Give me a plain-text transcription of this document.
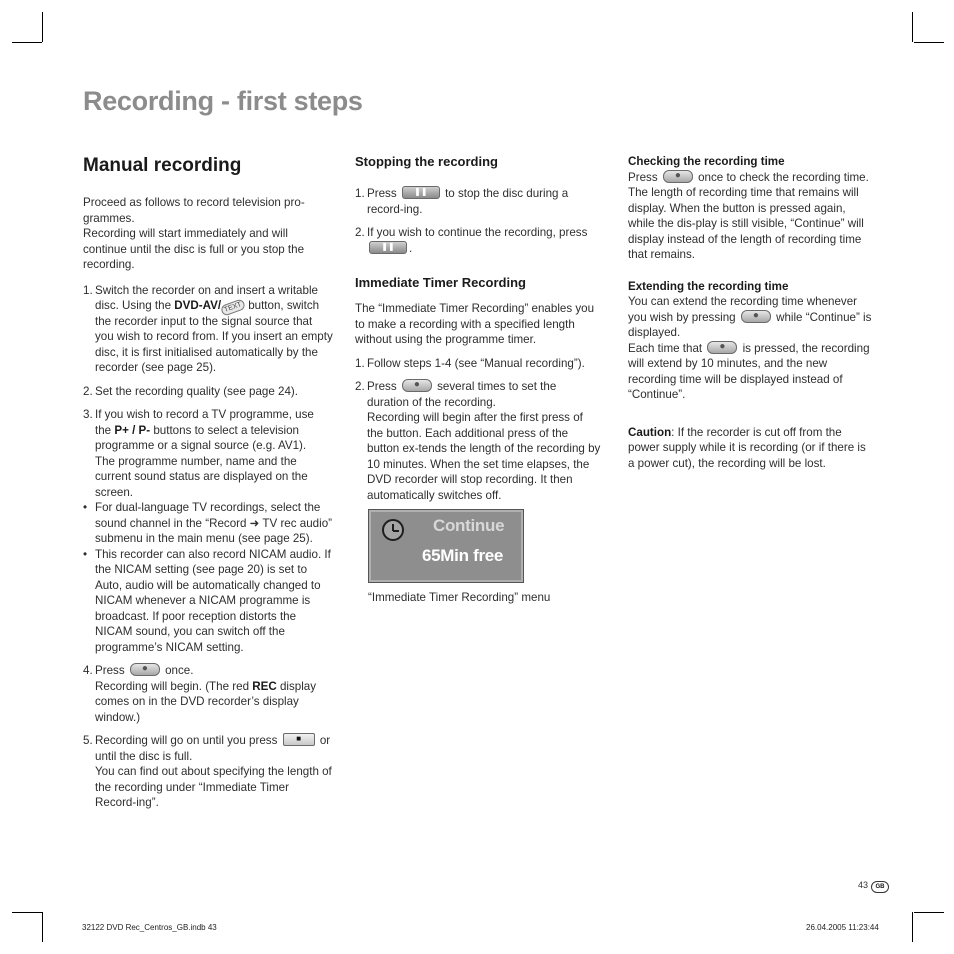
Recording - first steps
Manual recording

Proceed as follows to record television pro-grammes.

Recording will start immediately and will continue until the disc is full or you stop the recording.

1. Switch the recorder on and insert a writable disc. Using the DVD-AV/ TEXT button, switch the recorder input to the signal source that you wish to record from. If you insert an empty disc, it is first initialised automatically by the recorder (see page 25).
2. Set the recording quality (see page 24).
3. If you wish to record a TV programme, use the P+ / P- buttons to select a television programme or a signal source (e.g. AV1).
The programme number, name and the current sound status are displayed on the screen.
• For dual-language TV recordings, select the sound channel in the “Record ➜ TV rec audio” submenu in the main menu (see page 25).
• This recorder can also record NICAM audio. If the NICAM setting (see page 20) is set to Auto, audio will be automatically changed to NICAM whenever a NICAM programme is broadcast. If poor reception distorts the NICAM sound, you can switch off the programme’s NICAM setting.
4. Press	●	once.
Recording will begin. (The red REC display comes on in the DVD recorder’s display window.)
5. Recording will go on until you press	■	or until the disc is full.
You can find out about specifying the length of the recording under “Immediate Timer Record-ing”.
Stopping the recording
1. Press	❚❚	to stop the disc during a record-ing.
2. If you wish to continue the recording, press
❚❚	.
Immediate Timer Recording

The “Immediate Timer Recording” enables you to make a recording with a specified length without using the programme timer.

1. Follow steps 1-4 (see “Manual recording”).
2. Press	●	several times to set the duration of the recording.
Recording will begin after the first press of the button. Each additional press of the button ex-tends the length of the recording by 10 minutes. When the set time elapses, the DVD recorder will stop recording. It then automatically switches off.
Continue
65Min free

“Immediate Timer Recording” menu

Checking the recording time

Press	●	once to check the recording time. The length of recording time that remains will display. When the button is pressed again, while the dis-play is still visible, “Continue” will display instead of the length of recording time that remains.

Extending the recording time

You can extend the recording time whenever you wish by pressing	●	while “Continue” is displayed.

Each time that	●	is pressed, the recording will extend by 10 minutes, and the new recording time will be displayed instead of “Continue”.

Caution: If the recorder is cut off from the power supply while it is recording (or if there is a power cut), the recording will be lost.

43	GB
32122 DVD Rec_Centros_GB.indb 43	26.04.2005 11:23:44
